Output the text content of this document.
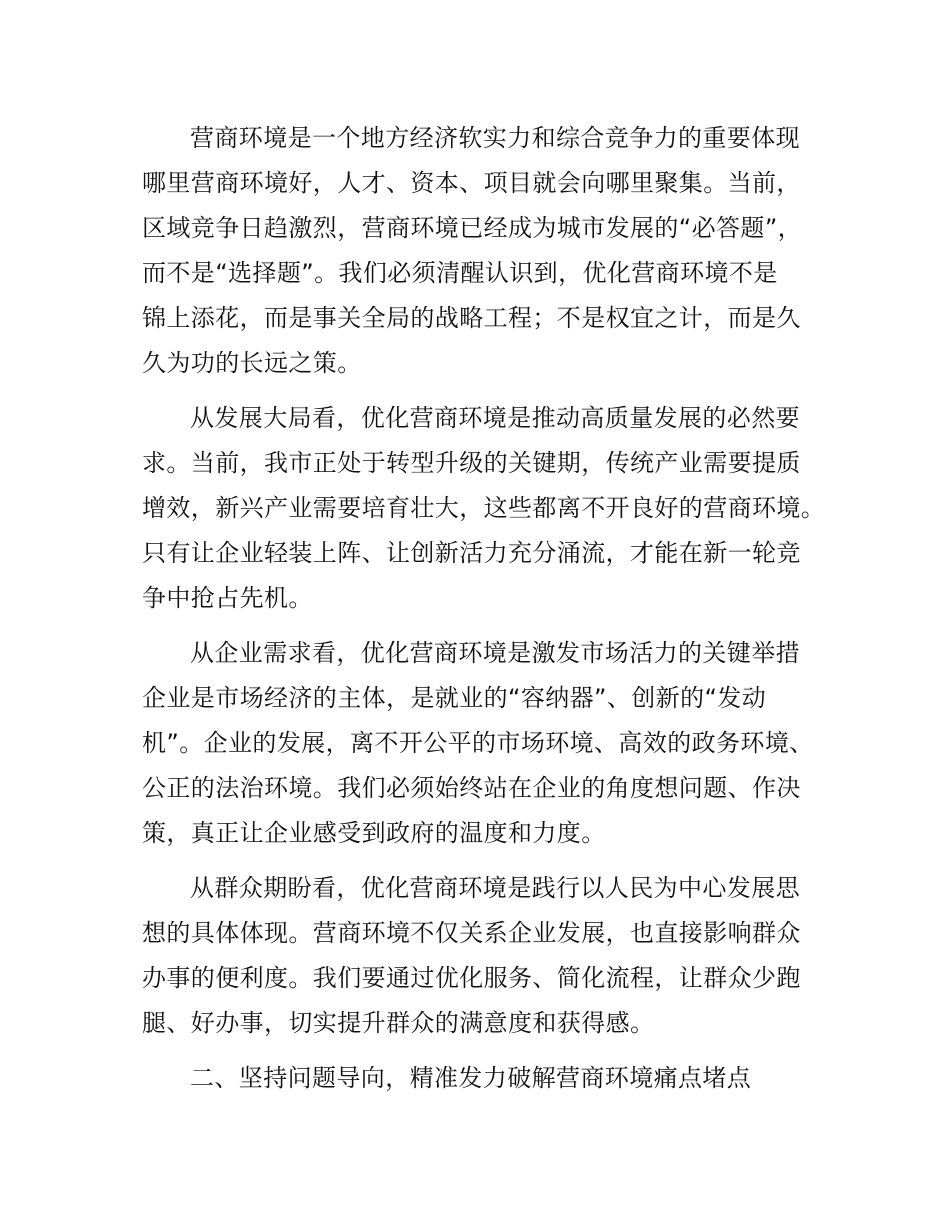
营商环境是一个地方经济软实力和综合竞争力的重要体现
哪里营商环境好，人才、资本、项目就会向哪里聚集。当前，
区域竞争日趋激烈，营商环境已经成为城市发展的“必答题”，
而不是“选择题”。我们必须清醒认识到，优化营商环境不是
锦上添花，而是事关全局的战略工程；不是权宜之计，而是久
久为功的长远之策。
从发展大局看，优化营商环境是推动高质量发展的必然要
求。当前，我市正处于转型升级的关键期，传统产业需要提质
增效，新兴产业需要培育壮大，这些都离不开良好的营商环境。
只有让企业轻装上阵、让创新活力充分涌流，才能在新一轮竞
争中抢占先机。
从企业需求看，优化营商环境是激发市场活力的关键举措
企业是市场经济的主体，是就业的“容纳器”、创新的“发动
机”。企业的发展，离不开公平的市场环境、高效的政务环境、
公正的法治环境。我们必须始终站在企业的角度想问题、作决
策，真正让企业感受到政府的温度和力度。
从群众期盼看，优化营商环境是践行以人民为中心发展思
想的具体体现。营商环境不仅关系企业发展，也直接影响群众
办事的便利度。我们要通过优化服务、简化流程，让群众少跑
腿、好办事，切实提升群众的满意度和获得感。
二、坚持问题导向，精准发力破解营商环境痛点堵点
